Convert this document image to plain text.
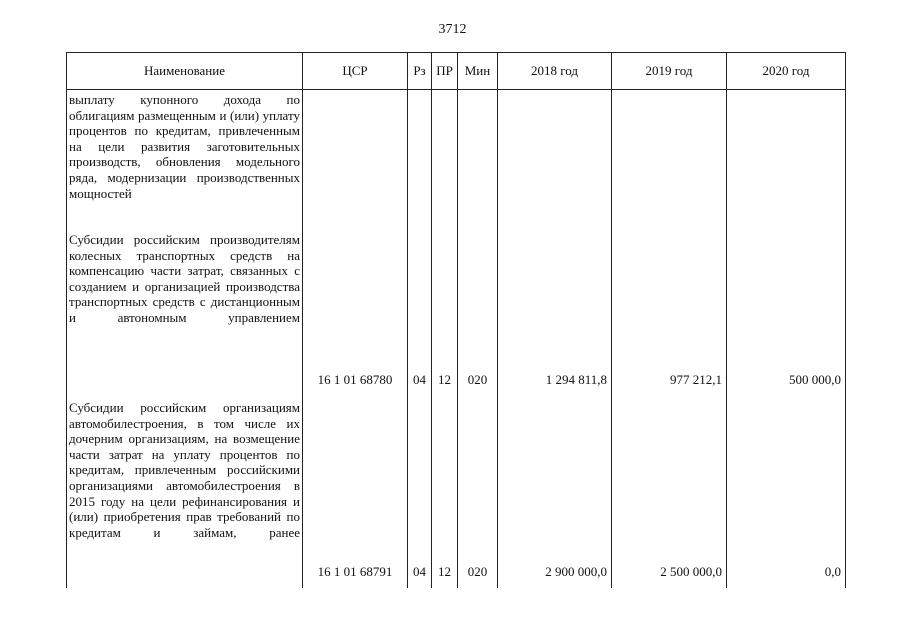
3712
Наименование	ЦСР	Рз	ПР	Мин	2018 год	2019 год	2020 год
выплату купонного дохода по облигациям размещенным и (или) уплату процентов по кредитам, привлеченным на цели развития заготовительных производств, обновления модельного ряда, модернизации производственных мощностей							
Субсидии российским производителям колесных транспортных средств на компенсацию части затрат, связанных с созданием и организацией производства транспортных средств с дистанционным и автономным управлением	16 1 01 68780	04	12	020	1 294 811,8	977 212,1	500 000,0
Субсидии российским организациям автомобилестроения, в том числе их дочерним организациям, на возмещение части затрат на уплату процентов по кредитам, привлеченным российскими организациями автомобилестроения в 2015 году на цели рефинансирования и (или) приобретения прав требований по кредитам и займам, ранее	16 1 01 68791	04	12	020	2 900 000,0	2 500 000,0	0,0
